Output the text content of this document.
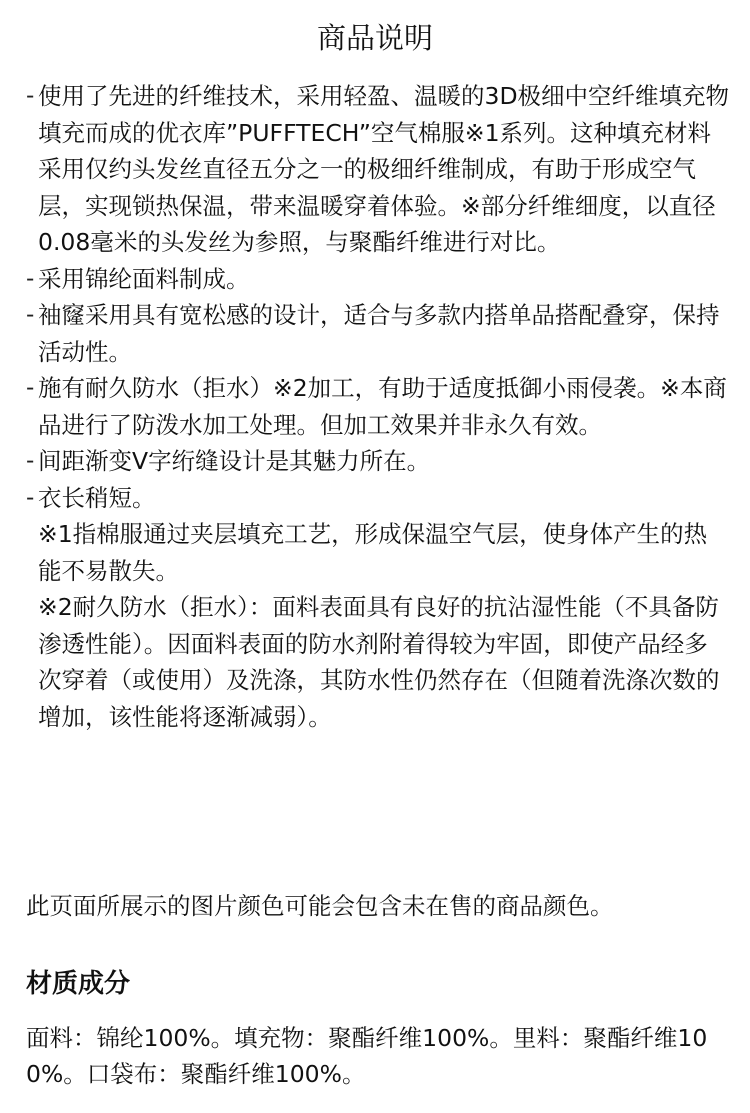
商品说明
- 使用了先进的纤维技术，采用轻盈、温暖的3D极细中空纤维填充物填充而成的优衣库”PUFFTECH”空气棉服※1系列。这种填充材料采用仅约头发丝直径五分之一的极细纤维制成，有助于形成空气层，实现锁热保温，带来温暖穿着体验。※部分纤维细度，以直径0.08毫米的头发丝为参照，与聚酯纤维进行对比。
- 采用锦纶面料制成。
- 袖窿采用具有宽松感的设计，适合与多款内搭单品搭配叠穿，保持活动性。
- 施有耐久防水（拒水）※2加工，有助于适度抵御小雨侵袭。※本商品进行了防泼水加工处理。但加工效果并非永久有效。
- 间距渐变V字绗缝设计是其魅力所在。
- 衣长稍短。
※1指棉服通过夹层填充工艺，形成保温空气层，使身体产生的热能不易散失。
※2耐久防水（拒水）：面料表面具有良好的抗沾湿性能（不具备防渗透性能）。因面料表面的防水剂附着得较为牢固，即使产品经多次穿着（或使用）及洗涤，其防水性仍然存在（但随着洗涤次数的增加，该性能将逐渐减弱）。
此页面所展示的图片颜色可能会包含未在售的商品颜色。
材质成分
面料：锦纶100%。填充物：聚酯纤维100%。里料：聚酯纤维100%。口袋布：聚酯纤维100%。
